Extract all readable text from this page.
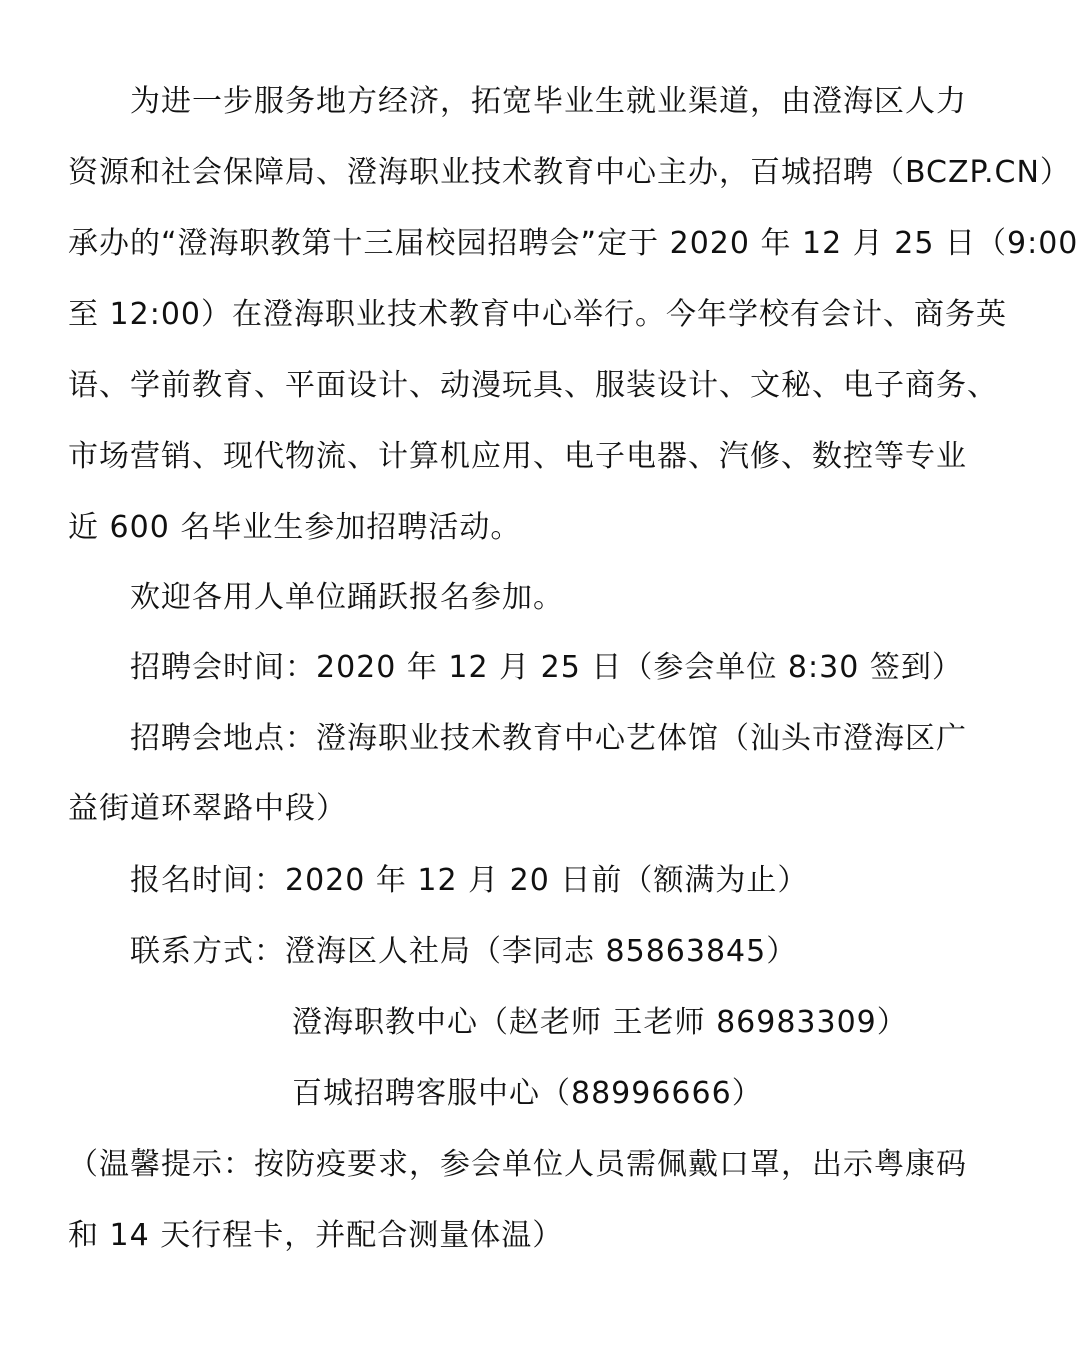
为进一步服务地方经济，拓宽毕业生就业渠道，由澄海区人力
资源和社会保障局、澄海职业技术教育中心主办，百城招聘（BCZP.CN）
承办的“澄海职教第十三届校园招聘会”定于 2020 年 12 月 25 日（9:00
至 12:00）在澄海职业技术教育中心举行。今年学校有会计、商务英
语、学前教育、平面设计、动漫玩具、服装设计、文秘、电子商务、
市场营销、现代物流、计算机应用、电子电器、汽修、数控等专业
近 600 名毕业生参加招聘活动。
欢迎各用人单位踊跃报名参加。
招聘会时间：2020 年 12 月 25 日（参会单位 8:30 签到）
招聘会地点：澄海职业技术教育中心艺体馆（汕头市澄海区广
益街道环翠路中段）
报名时间：2020 年 12 月 20 日前（额满为止）
联系方式：澄海区人社局（李同志 85863845）
澄海职教中心（赵老师 王老师 86983309）
百城招聘客服中心（88996666）
（温馨提示：按防疫要求，参会单位人员需佩戴口罩，出示粤康码
和 14 天行程卡，并配合测量体温）
